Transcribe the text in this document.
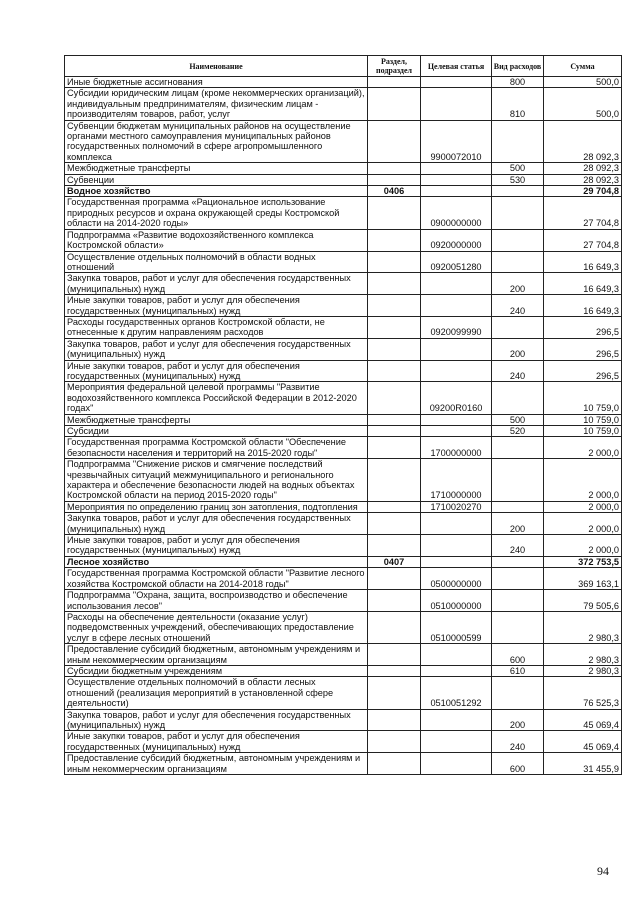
Наименование	Раздел, подраздел	Целевая статья	Вид расходов	Сумма
Иные бюджетные ассигнования			800	500,0
Субсидии юридическим лицам (кроме некоммерческих организаций), индивидуальным предпринимателям, физическим лицам - производителям товаров, работ, услуг			810	500,0
Субвенции бюджетам муниципальных районов на осуществление органами местного самоуправления муниципальных районов государственных полномочий в сфере агропромышленного комплекса		9900072010		28 092,3
Межбюджетные трансферты			500	28 092,3
Субвенции			530	28 092,3
Водное хозяйство	0406			29 704,8
Государственная программа «Рациональное использование природных ресурсов и охрана окружающей среды Костромской области на 2014-2020 годы»		0900000000		27 704,8
Подпрограмма «Развитие водохозяйственного комплекса Костромской области»		0920000000		27 704,8
Осуществление отдельных полномочий в области водных отношений		0920051280		16 649,3
Закупка товаров, работ и услуг для обеспечения государственных (муниципальных) нужд			200	16 649,3
Иные закупки товаров, работ и услуг для обеспечения государственных (муниципальных) нужд			240	16 649,3
Расходы государственных органов Костромской области, не отнесенные к другим направлениям расходов		0920099990		296,5
Закупка товаров, работ и услуг для обеспечения государственных (муниципальных) нужд			200	296,5
Иные закупки товаров, работ и услуг для обеспечения государственных (муниципальных) нужд			240	296,5
Мероприятия федеральной целевой программы "Развитие водохозяйственного комплекса Российской Федерации в 2012-2020 годах"		09200R0160		10 759,0
Межбюджетные трансферты			500	10 759,0
Субсидии			520	10 759,0
Государственная программа Костромской области "Обеспечение безопасности населения и территорий на 2015-2020 годы"		1700000000		2 000,0
Подпрограмма "Снижение рисков и смягчение последствий чрезвычайных ситуаций межмуниципального и регионального характера и обеспечение безопасности людей на водных объектах Костромской области на период 2015-2020 годы"		1710000000		2 000,0
Мероприятия по определению границ зон затопления, подтопления		1710020270		2 000,0
Закупка товаров, работ и услуг для обеспечения государственных (муниципальных) нужд			200	2 000,0
Иные закупки товаров, работ и услуг для обеспечения государственных (муниципальных) нужд			240	2 000,0
Лесное хозяйство	0407			372 753,5
Государственная программа Костромской области "Развитие лесного хозяйства Костромской области на 2014-2018 годы"		0500000000		369 163,1
Подпрограмма "Охрана, защита, воспроизводство и обеспечение использования лесов"		0510000000		79 505,6
Расходы на обеспечение деятельности (оказание услуг) подведомственных учреждений, обеспечивающих предоставление услуг в сфере лесных отношений		0510000599		2 980,3
Предоставление субсидий бюджетным, автономным учреждениям и иным некоммерческим организациям			600	2 980,3
Субсидии бюджетным учреждениям			610	2 980,3
Осуществление отдельных полномочий в области лесных отношений (реализация мероприятий в установленной сфере деятельности)		0510051292		76 525,3
Закупка товаров, работ и услуг для обеспечения государственных (муниципальных) нужд			200	45 069,4
Иные закупки товаров, работ и услуг для обеспечения государственных (муниципальных) нужд			240	45 069,4
Предоставление субсидий бюджетным, автономным учреждениям и иным некоммерческим организациям			600	31 455,9
94
